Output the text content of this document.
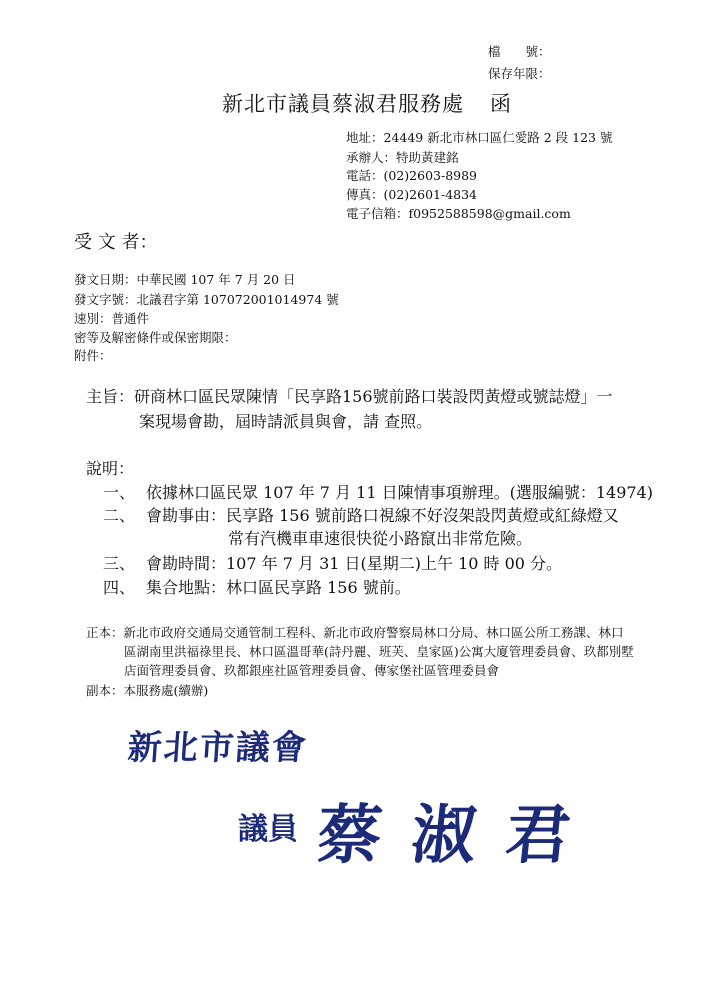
檔　　號：
保存年限：
新北市議員蔡淑君服務處 函
地址：24449 新北市林口區仁愛路 2 段 123 號
承辦人：特助黃建銘
電話：(02)2603-8989
傳真：(02)2601-4834
電子信箱：f0952588598@gmail.com
受 文 者：
發文日期：中華民國 107 年 7 月 20 日
發文字號：北議君字第 107072001014974 號
速別：普通件
密等及解密條件或保密期限：
附件：
主旨：研商林口區民眾陳情「民享路156號前路口裝設閃黃燈或號誌燈」一
案現場會勘，屆時請派員與會，請 查照。
說明：
一、 依據林口區民眾 107 年 7 月 11 日陳情事項辦理。(選服編號：14974)
二、 會勘事由：民享路 156 號前路口視線不好沒架設閃黃燈或紅綠燈又
常有汽機車車速很快從小路竄出非常危險。
三、 會勘時間：107 年 7 月 31 日(星期二)上午 10 時 00 分。
四、 集合地點：林口區民享路 156 號前。
正本：新北市政府交通局交通管制工程科、新北市政府警察局林口分局、林口區公所工務課、林口
區湖南里洪福祿里長、林口區溫哥華(詩丹麗、班芙、皇家區)公寓大廈管理委員會、玖都別墅
店面管理委員會、玖都銀座社區管理委員會、傳家堡社區管理委員會
副本：本服務處(續辦)
新北市議會
議員 蔡 淑 君
